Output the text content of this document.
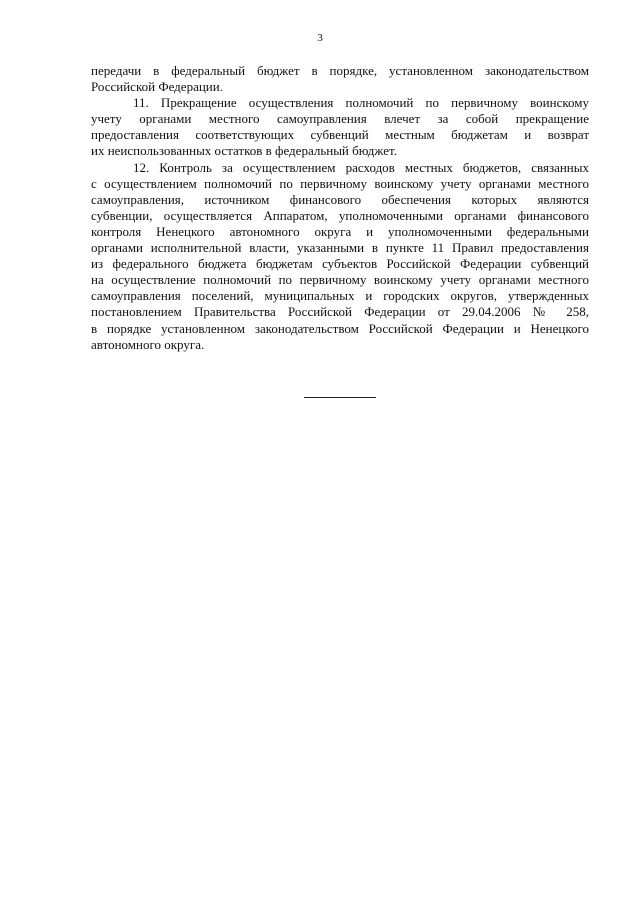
3
передачи в федеральный бюджет в порядке, установленном законодательством
Российской Федерации.
11. Прекращение осуществления полномочий по первичному воинскому
учету органами местного самоуправления влечет за собой прекращение
предоставления соответствующих субвенций местным бюджетам и возврат
их неиспользованных остатков в федеральный бюджет.
12. Контроль за осуществлением расходов местных бюджетов, связанных
с осуществлением полномочий по первичному воинскому учету органами местного
самоуправления, источником финансового обеспечения которых являются
субвенции, осуществляется Аппаратом, уполномоченными органами финансового
контроля Ненецкого автономного округа и уполномоченными федеральными
органами исполнительной власти, указанными в пункте 11 Правил предоставления
из федерального бюджета бюджетам субъектов Российской Федерации субвенций
на осуществление полномочий по первичному воинскому учету органами местного
самоуправления поселений, муниципальных и городских округов, утвержденных
постановлением Правительства Российской Федерации от 29.04.2006 № 258,
в порядке установленном законодательством Российской Федерации и Ненецкого
автономного округа.
